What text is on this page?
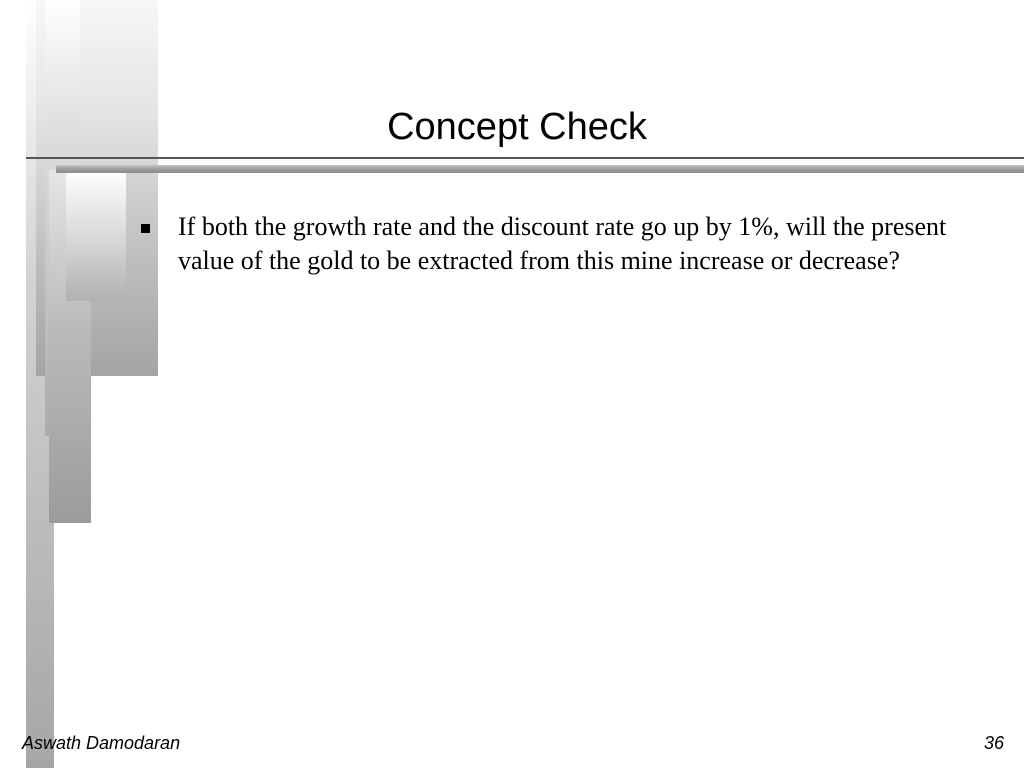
Concept Check
If both the growth rate and the discount rate go up by 1%, will the present value of the gold to be extracted from this mine increase or decrease?
Aswath Damodaran	36
